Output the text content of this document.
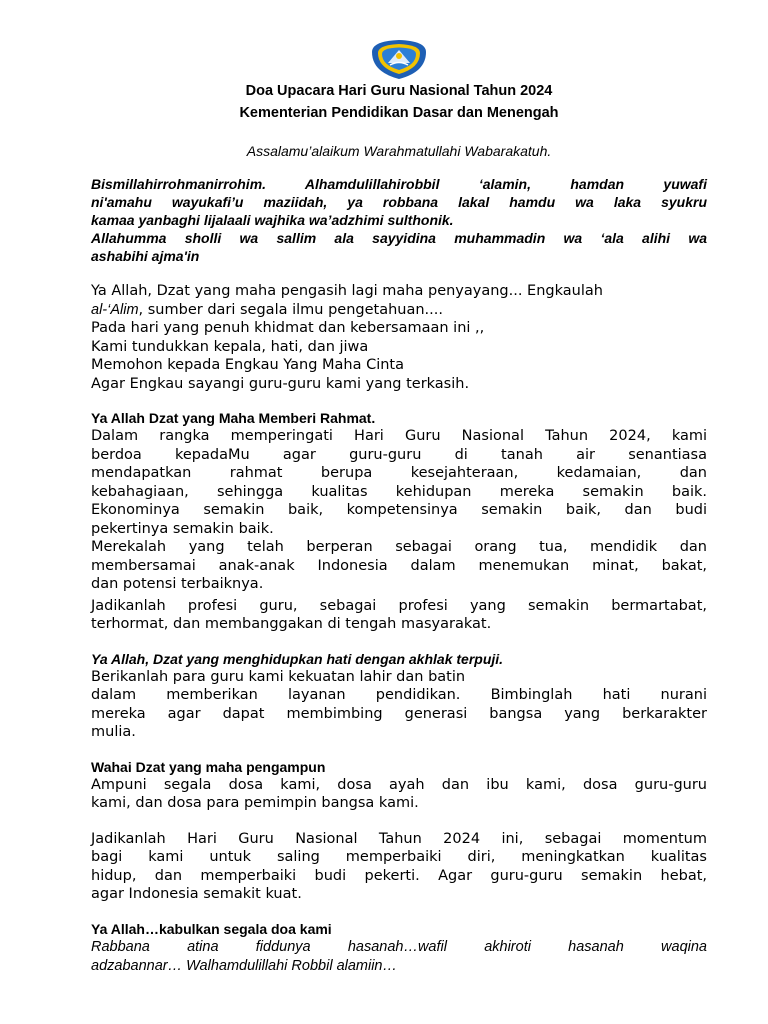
Doa Upacara Hari Guru Nasional Tahun 2024

Kementerian Pendidikan Dasar dan Menengah

Assalamu’alaikum Warahmatullahi Wabarakatuh.

Bismillahirrohmanirrohim. Alhamdulillahirobbil ‘alamin, hamdan yuwafi
ni'amahu wayukafi’u maziidah, ya robbana lakal hamdu wa laka syukru
kamaa yanbaghi lijalaali wajhika wa’adzhimi sulthonik.
Allahumma sholli wa sallim ala sayyidina muhammadin wa ‘ala alihi wa
ashabihi ajma'in
Ya Allah, Dzat yang maha pengasih lagi maha penyayang... Engkaulah
al-‘Alim, sumber dari segala ilmu pengetahuan....
Pada hari yang penuh khidmat dan kebersamaan ini ,,
Kami tundukkan kepala, hati, dan jiwa
Memohon kepada Engkau Yang Maha Cinta
Agar Engkau sayangi guru-guru kami yang terkasih.
Ya Allah Dzat yang Maha Memberi Rahmat.
Dalam rangka memperingati Hari Guru Nasional Tahun 2024, kami
berdoa kepadaMu agar guru-guru di tanah air senantiasa
mendapatkan rahmat berupa kesejahteraan, kedamaian, dan
kebahagiaan, sehingga kualitas kehidupan mereka semakin baik.
Ekonominya semakin baik, kompetensinya semakin baik, dan budi
pekertinya semakin baik.
Merekalah yang telah berperan sebagai orang tua, mendidik dan
membersamai anak-anak Indonesia dalam menemukan minat, bakat,
dan potensi terbaiknya.
Jadikanlah profesi guru, sebagai profesi yang semakin bermartabat,
terhormat, dan membanggakan di tengah masyarakat.
Ya Allah, Dzat yang menghidupkan hati dengan akhlak terpuji.
Berikanlah para guru kami kekuatan lahir dan batin
dalam memberikan layanan pendidikan. Bimbinglah hati nurani
mereka agar dapat membimbing generasi bangsa yang berkarakter
mulia.
Wahai Dzat yang maha pengampun
Ampuni segala dosa kami, dosa ayah dan ibu kami, dosa guru-guru
kami, dan dosa para pemimpin bangsa kami.
Jadikanlah Hari Guru Nasional Tahun 2024 ini, sebagai momentum
bagi kami untuk saling memperbaiki diri, meningkatkan kualitas
hidup, dan memperbaiki budi pekerti. Agar guru-guru semakin hebat,
agar Indonesia semakit kuat.
Ya Allah…kabulkan segala doa kami
Rabbana atina fiddunya hasanah…wafil akhiroti hasanah waqina
adzabannar… Walhamdulillahi Robbil alamiin…
